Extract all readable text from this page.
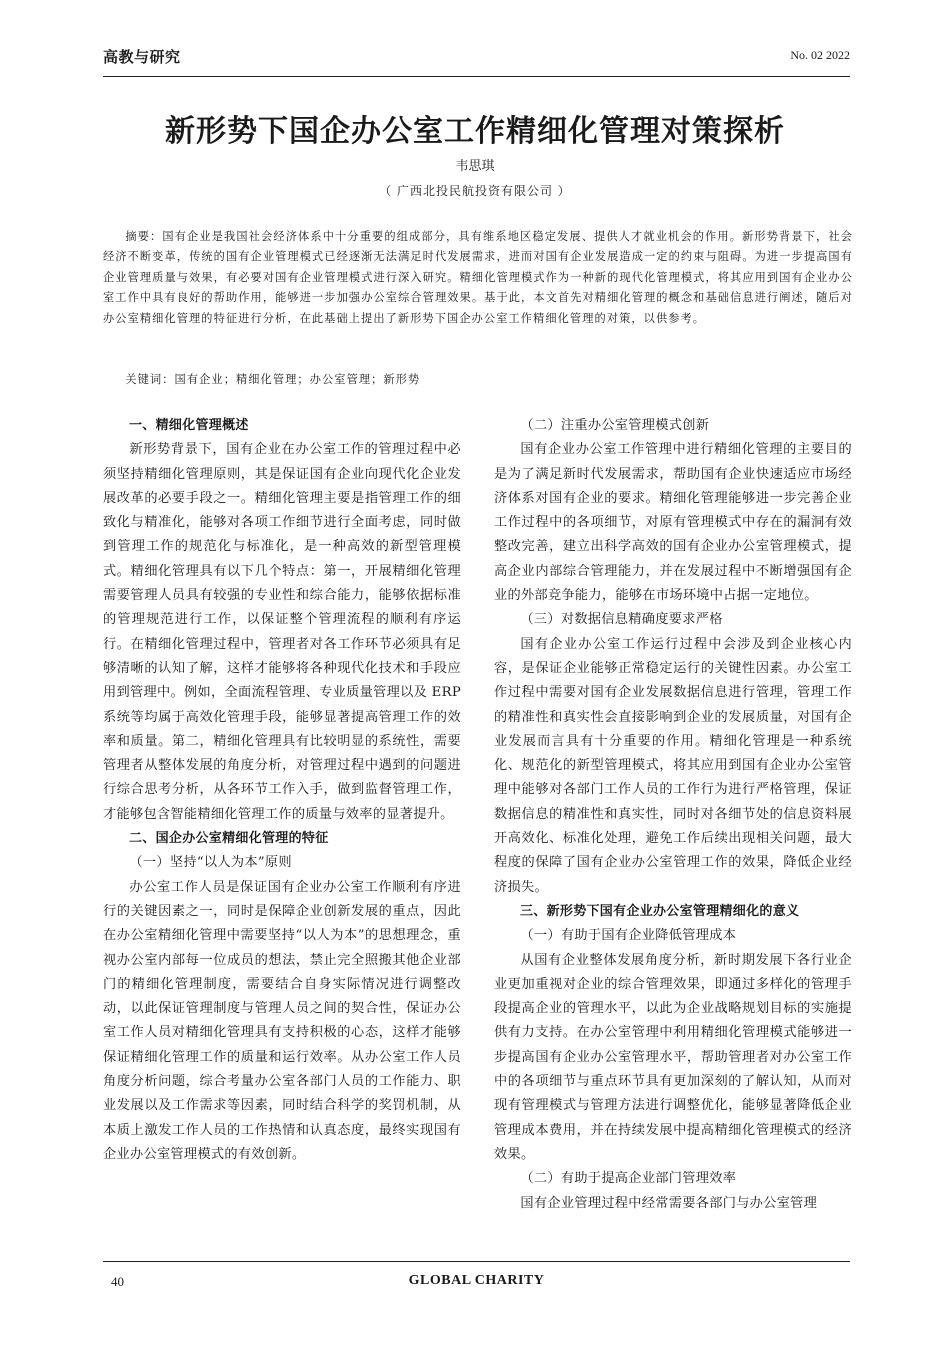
高教与研究	No. 02 2022
新形势下国企办公室工作精细化管理对策探析
韦思琪
（ 广西北投民航投资有限公司 ）

摘要：国有企业是我国社会经济体系中十分重要的组成部分，具有维系地区稳定发展、提供人才就业机会的作用。新形势背景下，社会经济不断变革，传统的国有企业管理模式已经逐渐无法满足时代发展需求，进而对国有企业发展造成一定的约束与阻碍。为进一步提高国有企业管理质量与效果，有必要对国有企业管理模式进行深入研究。精细化管理模式作为一种新的现代化管理模式，将其应用到国有企业办公室工作中具有良好的帮助作用，能够进一步加强办公室综合管理效果。基于此，本文首先对精细化管理的概念和基础信息进行阐述，随后对办公室精细化管理的特征进行分析，在此基础上提出了新形势下国企办公室工作精细化管理的对策，以供参考。

关键词：国有企业；精细化管理；办公室管理；新形势

一、精细化管理概述

新形势背景下，国有企业在办公室工作的管理过程中必须坚持精细化管理原则，其是保证国有企业向现代化企业发展改革的必要手段之一。精细化管理主要是指管理工作的细致化与精准化，能够对各项工作细节进行全面考虑，同时做到管理工作的规范化与标准化，是一种高效的新型管理模式。精细化管理具有以下几个特点：第一，开展精细化管理需要管理人员具有较强的专业性和综合能力，能够依据标准的管理规范进行工作，以保证整个管理流程的顺利有序运行。在精细化管理过程中，管理者对各工作环节必须具有足够清晰的认知了解，这样才能够将各种现代化技术和手段应用到管理中。例如，全面流程管理、专业质量管理以及 ERP 系统等均属于高效化管理手段，能够显著提高管理工作的效率和质量。第二，精细化管理具有比较明显的系统性，需要管理者从整体发展的角度分析，对管理过程中遇到的问题进行综合思考分析，从各环节工作入手，做到监督管理工作，才能够包含智能精细化管理工作的质量与效率的显著提升。

二、国企办公室精细化管理的特征
（一）坚持“以人为本”原则

办公室工作人员是保证国有企业办公室工作顺利有序进行的关键因素之一，同时是保障企业创新发展的重点，因此在办公室精细化管理中需要坚持“以人为本”的思想理念，重视办公室内部每一位成员的想法，禁止完全照搬其他企业部门的精细化管理制度，需要结合自身实际情况进行调整改动，以此保证管理制度与管理人员之间的契合性，保证办公室工作人员对精细化管理具有支持积极的心态，这样才能够保证精细化管理工作的质量和运行效率。从办公室工作人员角度分析问题，综合考量办公室各部门人员的工作能力、职业发展以及工作需求等因素，同时结合科学的奖罚机制，从本质上激发工作人员的工作热情和认真态度，最终实现国有企业办公室管理模式的有效创新。

（二）注重办公室管理模式创新

国有企业办公室工作管理中进行精细化管理的主要目的是为了满足新时代发展需求，帮助国有企业快速适应市场经济体系对国有企业的要求。精细化管理能够进一步完善企业工作过程中的各项细节，对原有管理模式中存在的漏洞有效整改完善，建立出科学高效的国有企业办公室管理模式，提高企业内部综合管理能力，并在发展过程中不断增强国有企业的外部竞争能力，能够在市场环境中占据一定地位。

（三）对数据信息精确度要求严格

国有企业办公室工作运行过程中会涉及到企业核心内容，是保证企业能够正常稳定运行的关键性因素。办公室工作过程中需要对国有企业发展数据信息进行管理，管理工作的精准性和真实性会直接影响到企业的发展质量，对国有企业发展而言具有十分重要的作用。精细化管理是一种系统化、规范化的新型管理模式，将其应用到国有企业办公室管理中能够对各部门工作人员的工作行为进行严格管理，保证数据信息的精准性和真实性，同时对各细节处的信息资料展开高效化、标准化处理，避免工作后续出现相关问题，最大程度的保障了国有企业办公室管理工作的效果，降低企业经济损失。

三、新形势下国有企业办公室管理精细化的意义
（一）有助于国有企业降低管理成本

从国有企业整体发展角度分析，新时期发展下各行业企业更加重视对企业的综合管理效果，即通过多样化的管理手段提高企业的管理水平，以此为企业战略规划目标的实施提供有力支持。在办公室管理中利用精细化管理模式能够进一步提高国有企业办公室管理水平，帮助管理者对办公室工作中的各项细节与重点环节具有更加深刻的了解认知，从而对现有管理模式与管理方法进行调整优化，能够显著降低企业管理成本费用，并在持续发展中提高精细化管理模式的经济效果。

（二）有助于提高企业部门管理效率

国有企业管理过程中经常需要各部门与办公室管理

40	GLOBAL CHARITY
